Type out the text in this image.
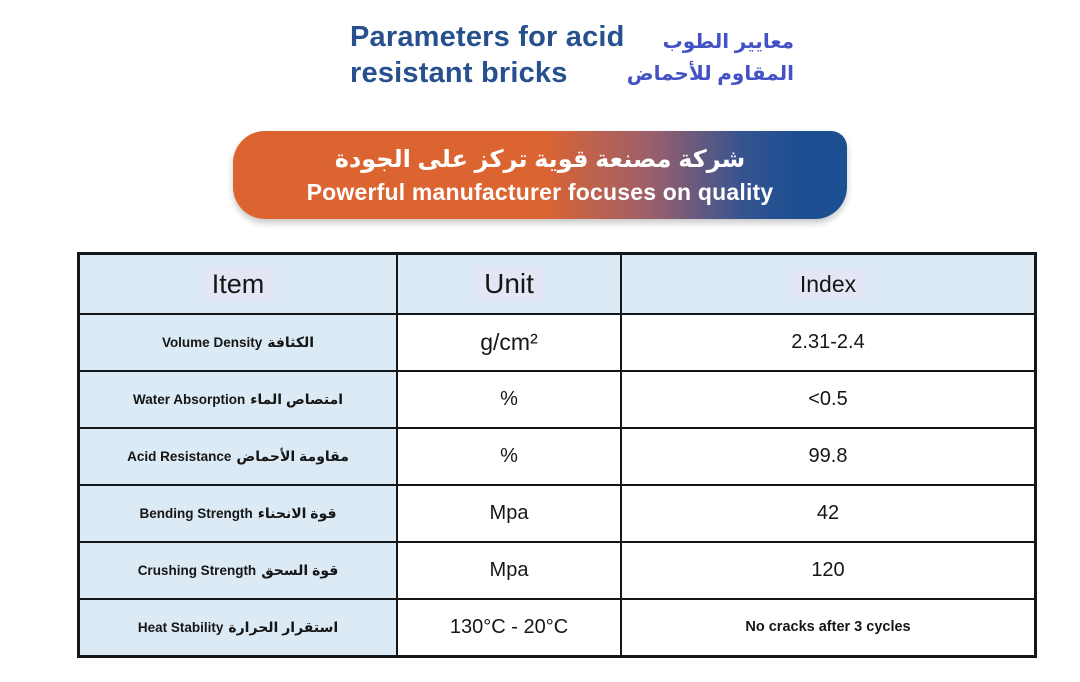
Parameters for acid
resistant bricks
معايير الطوب
المقاوم للأحماض
شركة مصنعة قوية تركز على الجودة
Powerful manufacturer focuses on quality
Item	Unit	Index
Volume Density الكثافة	g/cm²	2.31-2.4
Water Absorption امتصاص الماء	%	<0.5
Acid Resistance مقاومة الأحماض	%	99.8
Bending Strength قوة الانحناء	Mpa	42
Crushing Strength قوة السحق	Mpa	120
Heat Stability استقرار الحرارة	130°C - 20°C	No cracks after 3 cycles
